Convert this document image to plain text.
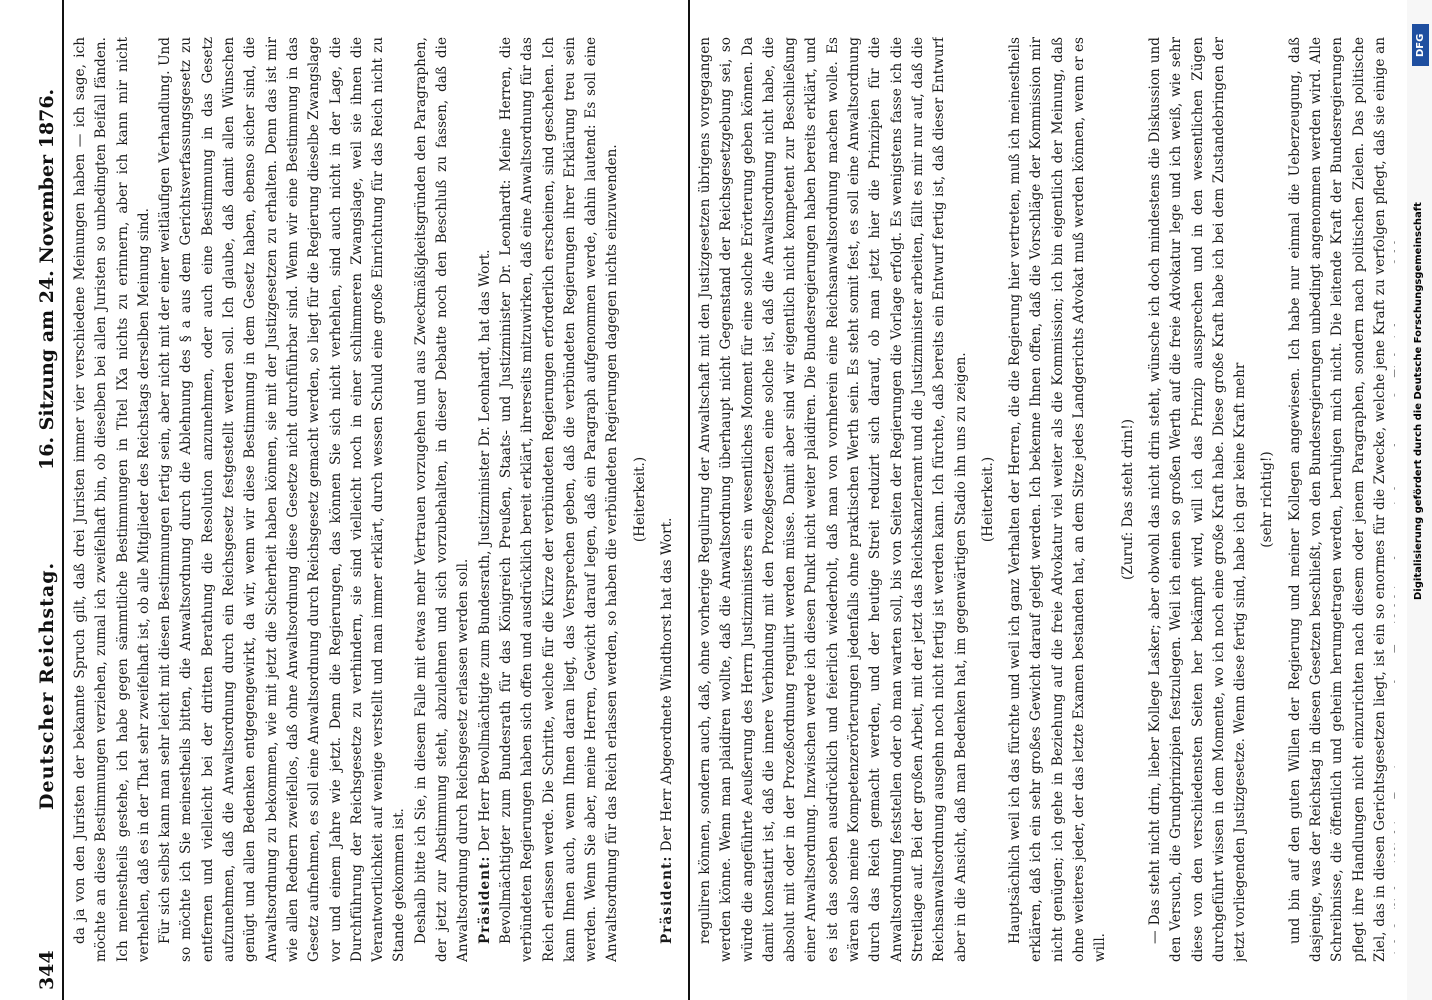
344
Deutscher Reichstag.
16. Sitzung am 24. November 1876. da ja von den Juristen der bekannte Spruch gilt, daß drei Juristen immer vier verschiedene Meinungen haben — ich sage, ich möchte an diese Bestimmungen verziehen, zumal ich zweifelhaft bin, ob dieselben bei allen Juristen so unbedingten Beifall fänden. Ich meinestheils gestehe, ich habe gegen sämmtliche Bestimmungen in Titel IXa nichts zu erinnern, aber ich kann mir nicht verhehlen, daß es in der That sehr zweifelhaft ist, ob alle Mitglieder des Reichstags derselben Meinung sind. Für sich selbst kann man sehr leicht mit diesen Bestimmungen fertig sein, aber nicht mit der einer weitläufigen Verhandlung. Und so möchte ich Sie meinestheils bitten, die Anwaltsordnung durch die Ablehnung des § a aus dem Gerichtsverfassungsgesetz zu entfernen und vielleicht bei der dritten Berathung die Resolution anzunehmen, oder auch eine Bestimmung in das Gesetz aufzunehmen, daß die Anwaltsordnung durch ein Reichsgesetz festgestellt werden soll. Ich glaube, daß damit allen Wünschen genügt und allen Bedenken entgegengewirkt, da wir, wenn wir diese Bestimmung in dem Gesetz haben, ebenso sicher sind, die Anwaltsordnung zu bekommen, wie mit jetzt die Sicherheit haben können, sie mit der Justizgesetzen zu erhalten. Denn das ist mir wie allen Rednern zweifellos, daß ohne Anwaltsordnung diese Gesetze nicht durchführbar sind. Wenn wir eine Bestimmung in das Gesetz aufnehmen, es soll eine Anwaltsordnung durch Reichsgesetz gemacht werden, so liegt für die Regierung dieselbe Zwangslage vor und einem Jahre wie jetzt. Denn die Regierungen, das können Sie sich nicht verhehlen, sind auch nicht in der Lage, die Durchführung der Reichsgesetze zu verhindern, sie sind vielleicht noch in einer schlimmeren Zwangslage, weil sie ihnen die Verantwortlichkeit auf wenige verstellt und man immer erklärt, durch wessen Schuld eine große Einrichtung für das Reich nicht zu Stande gekommen ist. Deshalb bitte ich Sie, in diesem Falle mit etwas mehr Vertrauen vorzugehen und aus Zweckmäßigkeitsgründen den Paragraphen, der jetzt zur Abstimmung steht, abzulehnen und sich vorzubehalten, in dieser Debatte noch den Beschluß zu fassen, daß die Anwaltsordnung durch Reichsgesetz erlassen werden soll. Präsident: Der Herr Bevollmächtigte zum Bundesrath, Justizminister Dr. Leonhardt, hat das Wort. Bevollmächtigter zum Bundesrath für das Königreich Preußen, Staats- und Justizminister Dr. Leonhardt: Meine Herren, die verbündeten Regierungen haben sich offen und ausdrücklich bereit erklärt, ihrerseits mitzuwirken, daß eine Anwaltsordnung für das Reich erlassen werde. Die Schritte, welche für die Kürze der verbündeten Regierungen erforderlich erscheinen, sind geschehen. Ich kann Ihnen auch, wenn Ihnen daran liegt, das Versprechen geben, daß die verbündeten Regierungen ihrer Erklärung treu sein werden. Wenn Sie aber, meine Herren, Gewicht darauf legen, daß ein Paragraph aufgenommen werde, dahin lautend: Es soll eine Anwaltsordnung für das Reich erlassen werden, so haben die verbündeten Regierungen dagegen nichts einzuwenden. (Heiterkeit.)

Präsident: Der Herr Abgeordnete Windthorst hat das Wort. reguliren können, sondern auch, daß, ohne vorherige Regulirung der Anwaltschaft mit den Justizgesetzen übrigens vorgegangen werden könne. Wenn man plaidiren wollte, daß die Anwaltsordnung überhaupt nicht Gegenstand der Reichsgesetzgebung sei, so würde die angeführte Aeußerung des Herrn Justizministers ein wesentliches Moment für eine solche Erörterung geben können. Da damit konstatirt ist, daß die innere Verbindung mit den Prozeßgesetzen eine solche ist, daß die Anwaltsordnung nicht habe, die absolut mit oder in der Prozeßordnung regulirt werden müsse. Damit aber sind wir eigentlich nicht kompetent zur Beschließung einer Anwaltsordnung. Inzwischen werde ich diesen Punkt nicht weiter plaidiren. Die Bundesregierungen haben bereits erklärt, und es ist das soeben ausdrücklich und feierlich wiederholt, daß man von vornherein eine Reichsanwaltsordnung machen wolle. Es wären also meine Kompetenzerörterungen jedenfalls ohne praktischen Werth sein. Es steht somit fest, es soll eine Anwaltsordnung durch das Reich gemacht werden, und der heutige Streit reduzirt sich darauf, ob man jetzt hier die Prinzipien für die Anwaltsordnung feststellen oder ob man warten soll, bis von Seiten der Regierungen die Vorlage erfolgt. Es wenigstens fasse ich die Streitlage auf. Bei der großen Arbeit, mit der jetzt das Reichskanzleramt und die Justizminister arbeiten, fällt es mir nur auf, daß die Reichsanwaltsordnung ausgehn noch nicht fertig ist werden kann. Ich fürchte, daß bereits ein Entwurf fertig ist, daß dieser Entwurf aber in die Ansicht, daß man Bedenken hat, im gegenwärtigen Stadio ihn uns zu zeigen. (Heiterkeit.) Hauptsächlich weil ich das fürchte und weil ich ganz Verhalten der Herren, die die Regierung hier vertreten, muß ich meinestheils erklären, daß ich ein sehr großes Gewicht darauf gelegt werden. Ich bekenne Ihnen offen, daß die Vorschläge der Kommission mir nicht genügen; ich gehe in Beziehung auf die freie Advokatur viel weiter als die Kommission; ich bin eigentlich der Meinung, daß ohne weiteres jeder, der das letzte Examen bestanden hat, an dem Sitze jedes Landgerichts Advokat muß werden können, wenn er es will.

(Zuruf: Das steht drin!) — Das steht nicht drin, lieber Kollege Lasker; aber obwohl das nicht drin steht, wünsche ich doch mindestens die Diskussion und den Versuch, die Grundprinzipien festzulegen. Weil ich einen so großen Werth auf die freie Advokatur lege und ich weiß, wie sehr diese von den verschiedensten Seiten her bekämpft wird, will ich das Prinzip aussprechen und in den wesentlichen Zügen durchgeführt wissen in dem Momente, wo ich noch eine große Kraft habe. Diese große Kraft habe ich bei dem Zustandebringen der jetzt vorliegenden Justizgesetze. Wenn diese fertig sind, habe ich gar keine Kraft mehr (sehr richtig!)

und bin auf den guten Willen der Regierung und meiner Kollegen angewiesen. Ich habe nur einmal die Ueberzeugung, daß dasjenige, was der Reichstag in diesen Gesetzen beschließt, von den Bundesregierungen unbedingt angenommen werden wird. Alle Schreibnisse, die öffentlich und geheim herumgetragen werden, beruhigen mich nicht. Die leitende Kraft der Bundesregierungen pflegt ihre Handlungen nicht einzurichten nach diesem oder jenem Paragraphen, sondern nach politischen Zielen. Das politische Ziel, das in diesen Gerichtsgesetzen liegt, ist ein so enormes für die Zwecke, welche jene Kraft zu verfolgen pflegt, daß sie einige an	DFG
Digitalisierung gefördert durch die Deutsche Forschungsgemeinschaft
